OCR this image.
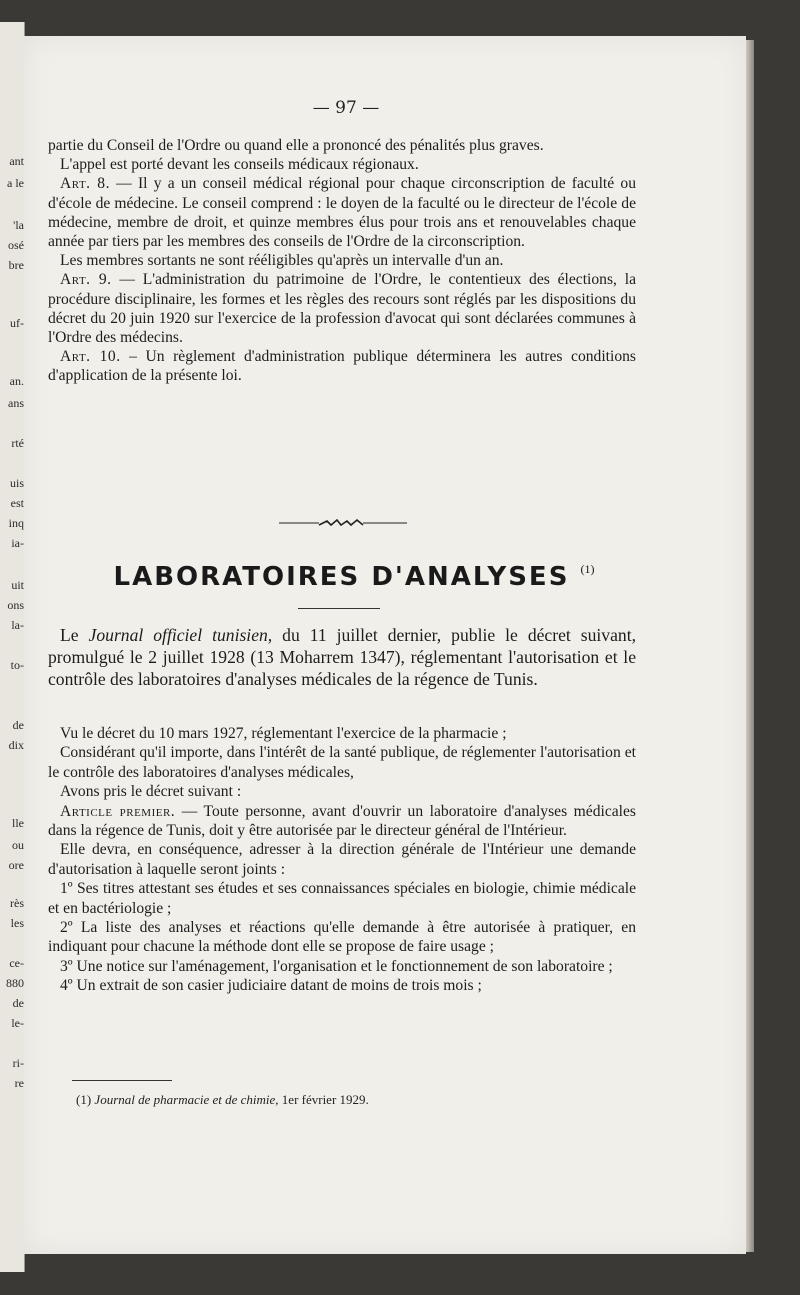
ant
a le
'la
osé
bre
uf-
an.
ans
rté
uis
est
inq
ia-
uit
ons
la-
to-
de
dix
lle
ou
ore
rès
les
ce-
880
de
le-
ri-
re
— 97 —

partie du Conseil de l'Ordre ou quand elle a prononcé des pénalités plus graves.

L'appel est porté devant les conseils médicaux régionaux.

Art. 8. — Il y a un conseil médical régional pour chaque circonscription de faculté ou d'école de médecine. Le conseil comprend : le doyen de la faculté ou le directeur de l'école de médecine, membre de droit, et quinze membres élus pour trois ans et renouvelables chaque année par tiers par les membres des conseils de l'Ordre de la circonscription.

Les membres sortants ne sont rééligibles qu'après un intervalle d'un an.

Art. 9. — L'administration du patrimoine de l'Ordre, le contentieux des élections, la procédure disciplinaire, les formes et les règles des recours sont réglés par les dispositions du décret du 20 juin 1920 sur l'exercice de la profession d'avocat qui sont déclarées communes à l'Ordre des médecins.

Art. 10. – Un règlement d'administration publique déterminera les autres conditions d'application de la présente loi.

LABORATOIRES D'ANALYSES $^{(1)}$

Le Journal officiel tunisien, du 11 juillet dernier, publie le décret suivant, promulgué le 2 juillet 1928 (13 Moharrem 1347), réglementant l'autorisation et le contrôle des laboratoires d'analyses médicales de la régence de Tunis.

Vu le décret du 10 mars 1927, réglementant l'exercice de la pharmacie ;

Considérant qu'il importe, dans l'intérêt de la santé publique, de réglementer l'autorisation et le contrôle des laboratoires d'analyses médicales,

Avons pris le décret suivant :

Article premier. — Toute personne, avant d'ouvrir un laboratoire d'analyses médicales dans la régence de Tunis, doit y être autorisée par le directeur général de l'Intérieur.

Elle devra, en conséquence, adresser à la direction générale de l'Intérieur une demande d'autorisation à laquelle seront joints :

1º Ses titres attestant ses études et ses connaissances spéciales en biologie, chimie médicale et en bactériologie ;

2º La liste des analyses et réactions qu'elle demande à être autorisée à pratiquer, en indiquant pour chacune la méthode dont elle se propose de faire usage ;

3º Une notice sur l'aménagement, l'organisation et le fonctionnement de son laboratoire ;

4º Un extrait de son casier judiciaire datant de moins de trois mois ;

(1) Journal de pharmacie et de chimie, 1er février 1929.
